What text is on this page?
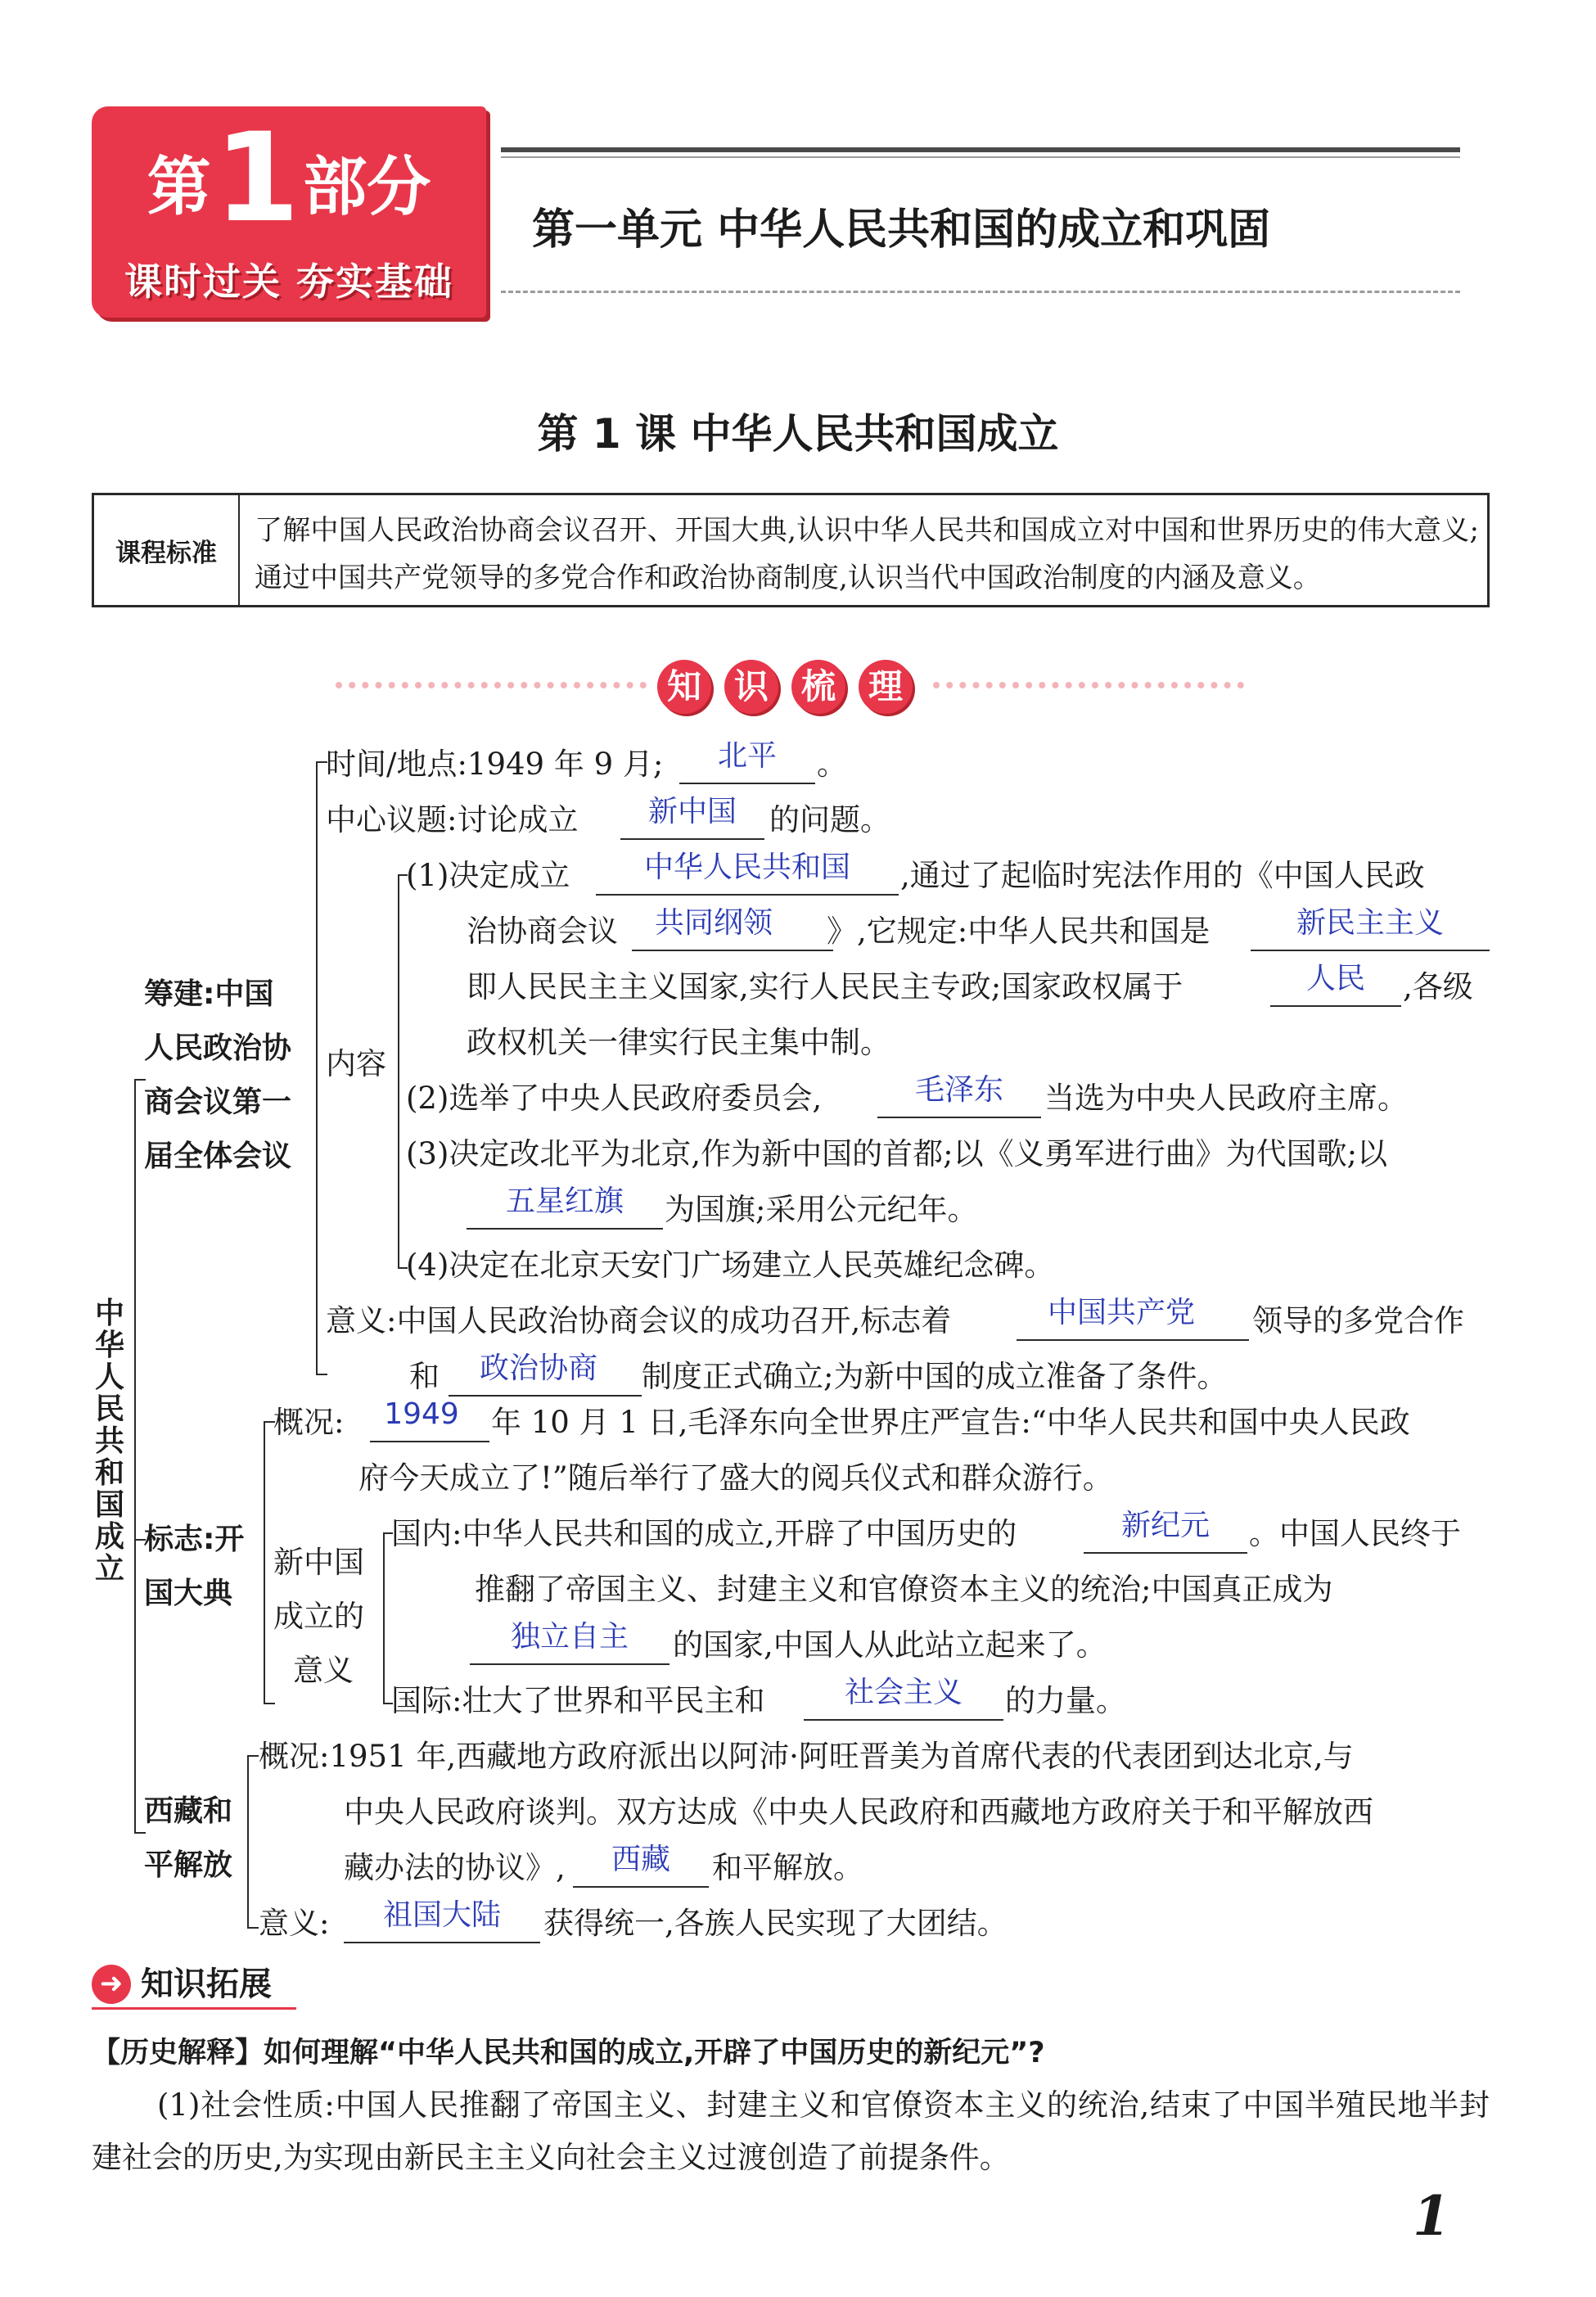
第1部分
课时过关 夯实基础
第一单元 中华人民共和国的成立和巩固
第 1 课 中华人民共和国成立
课程标准
了解中国人民政治协商会议召开、开国大典,认识中华人民共和国成立对中国和世界历史的伟大意义;通过中国共产党领导的多党合作和政治协商制度,认识当代中国政治制度的内涵及意义。
知 识 梳 理
中
华
人
民
共
和
国
成
立
筹建:中国
人民政治协
商会议第一
届全体会议
时间/地点:1949 年 9 月;	北平	。
中心议题:讨论成立	新中国	的问题。
内容
(1)决定成立	中华人民共和国	,通过了起临时宪法作用的《中国人民政
治协商会议	共同纲领	》,它规定:中华人民共和国是	新民主主义
即人民民主主义国家,实行人民民主专政;国家政权属于	人民	,各级
政权机关一律实行民主集中制。
(2)选举了中央人民政府委员会,	毛泽东	当选为中央人民政府主席。
(3)决定改北平为北京,作为新中国的首都;以《义勇军进行曲》为代国歌;以
五星红旗	为国旗;采用公元纪年。
(4)决定在北京天安门广场建立人民英雄纪念碑。
意义:中国人民政治协商会议的成功召开,标志着	中国共产党	领导的多党合作
和	政治协商	制度正式确立;为新中国的成立准备了条件。
标志:开
国大典
概况:	1949	年 10 月 1 日,毛泽东向全世界庄严宣告:“中华人民共和国中央人民政
府今天成立了!”随后举行了盛大的阅兵仪式和群众游行。
新中国
成立的
意义
国内:中华人民共和国的成立,开辟了中国历史的	新纪元	。中国人民终于
推翻了帝国主义、封建主义和官僚资本主义的统治;中国真正成为
独立自主	的国家,中国人从此站立起来了。
国际:壮大了世界和平民主和	社会主义	的力量。
西藏和
平解放
概况:1951 年,西藏地方政府派出以阿沛·阿旺晋美为首席代表的代表团到达北京,与
中央人民政府谈判。双方达成《中央人民政府和西藏地方政府关于和平解放西
藏办法的协议》,	西藏	和平解放。
意义:	祖国大陆	获得统一,各族人民实现了大团结。
➜ 知识拓展
【历史解释】如何理解“中华人民共和国的成立,开辟了中国历史的新纪元”?
(1)社会性质:中国人民推翻了帝国主义、封建主义和官僚资本主义的统治,结束了中国半殖民地半封建社会的历史,为实现由新民主主义向社会主义过渡创造了前提条件。
1
